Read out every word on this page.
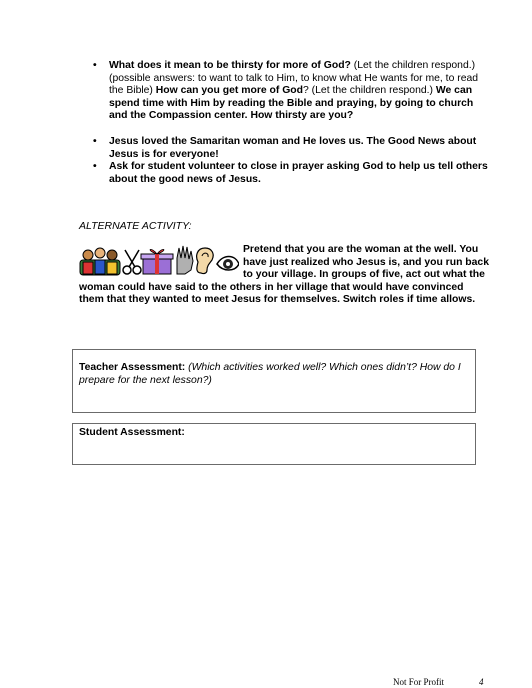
• What does it mean to be thirsty for more of God? (Let the children respond.) (possible answers: to want to talk to Him, to know what He wants for me, to read the Bible) How can you get more of God? (Let the children respond.) We can spend time with Him by reading the Bible and praying, by going to church and the Compassion center. How thirsty are you?
• Jesus loved the Samaritan woman and He loves us. The Good News about Jesus is for everyone!
• Ask for student volunteer to close in prayer asking God to help us tell others about the good news of Jesus.
ALTERNATE ACTIVITY:
Pretend that you are the woman at the well. You have just realized who Jesus is, and you run back to your village. In groups of five, act out what the woman could have said to the others in her village that would have convinced them that they wanted to meet Jesus for themselves. Switch roles if time allows.
Teacher Assessment: (Which activities worked well? Which ones didn’t? How do I prepare for the next lesson?)
Student Assessment:
Not For Profit	4
